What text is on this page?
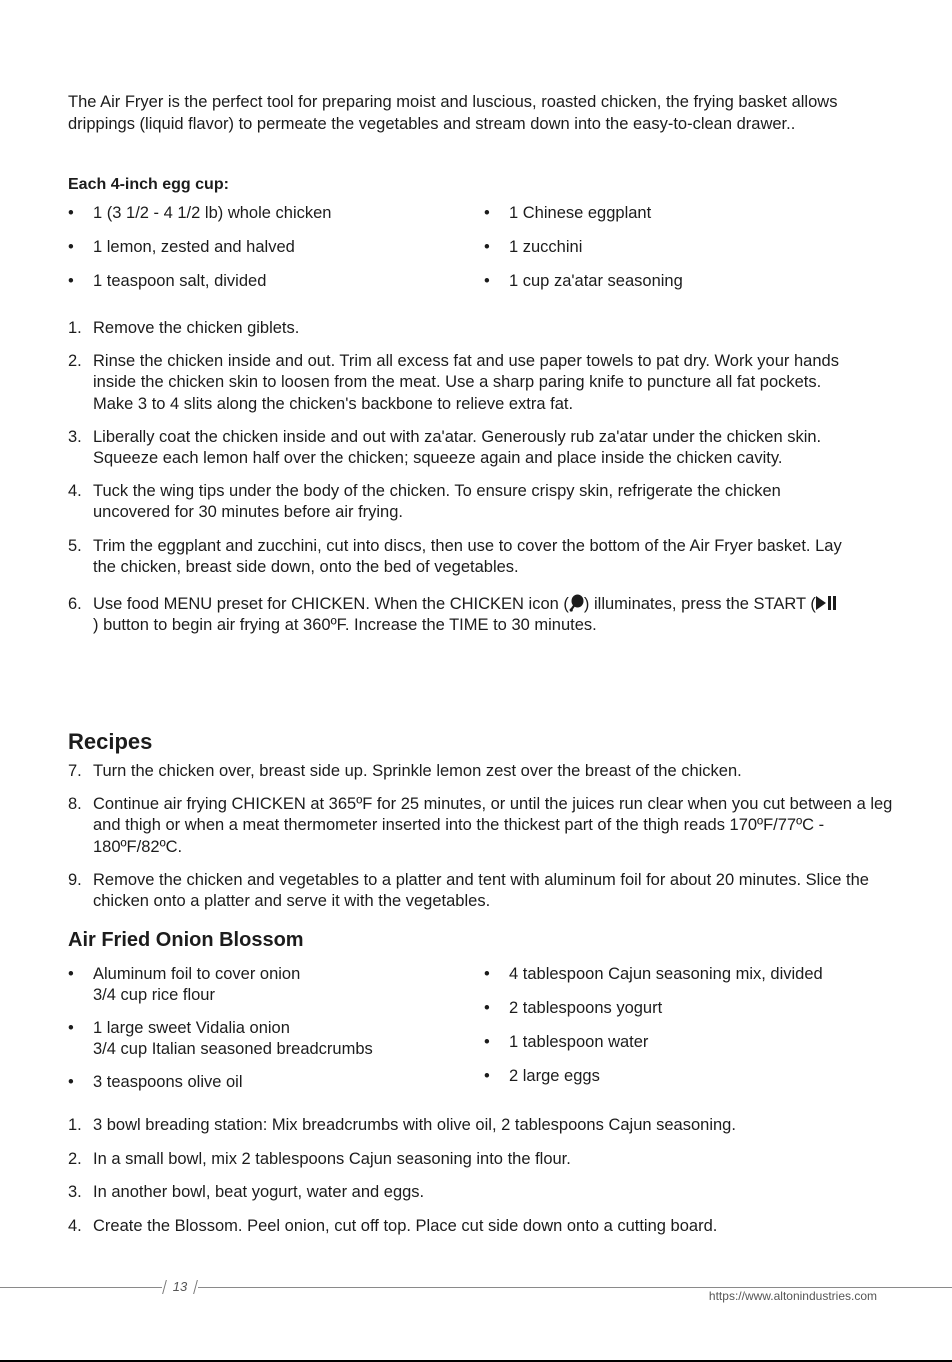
The Air Fryer is the perfect tool for preparing moist and luscious, roasted chicken, the frying basket allows drippings (liquid flavor) to permeate the vegetables and stream down into the easy-to-clean drawer..

Each 4-inch egg cup:

• 1 (3 1/2 - 4 1/2 lb) whole chicken
• 1 lemon, zested and halved
• 1 teaspoon salt, divided
• 1 Chinese eggplant
• 1 zucchini
• 1 cup za'atar seasoning
1. Remove the chicken giblets.
2. Rinse the chicken inside and out. Trim all excess fat and use paper towels to pat dry. Work your hands inside the chicken skin to loosen from the meat. Use a sharp paring knife to puncture all fat pockets. Make 3 to 4 slits along the chicken's backbone to relieve extra fat.
3. Liberally coat the chicken inside and out with za'atar. Generously rub za'atar under the chicken skin. Squeeze each lemon half over the chicken; squeeze again and place inside the chicken cavity.
4. Tuck the wing tips under the body of the chicken. To ensure crispy skin, refrigerate the chicken uncovered for 30 minutes before air frying.
5. Trim the eggplant and zucchini, cut into discs, then use to cover the bottom of the Air Fryer basket. Lay the chicken, breast side down, onto the bed of vegetables.
6. Use food MENU preset for CHICKEN. When the CHICKEN icon ( ) illuminates, press the START () button to begin air frying at 360ºF. Increase the TIME to 30 minutes.
Recipes
7. Turn the chicken over, breast side up. Sprinkle lemon zest over the breast of the chicken.
8. Continue air frying CHICKEN at 365ºF for 25 minutes, or until the juices run clear when you cut between a leg and thigh or when a meat thermometer inserted into the thickest part of the thigh reads 170ºF/77ºC - 180ºF/82ºC.
9. Remove the chicken and vegetables to a platter and tent with aluminum foil for about 20 minutes. Slice the chicken onto a platter and serve it with the vegetables.
Air Fried Onion Blossom
• Aluminum foil to cover onion
3/4 cup rice flour
• 1 large sweet Vidalia onion
3/4 cup Italian seasoned breadcrumbs
• 3 teaspoons olive oil
• 4 tablespoon Cajun seasoning mix, divided
• 2 tablespoons yogurt
• 1 tablespoon water
• 2 large eggs
1. 3 bowl breading station: Mix breadcrumbs with olive oil, 2 tablespoons Cajun seasoning.
2. In a small bowl, mix 2 tablespoons Cajun seasoning into the flour.
3. In another bowl, beat yogurt, water and eggs.
4. Create the Blossom. Peel onion, cut off top. Place cut side down onto a cutting board.
13
https://www.altonindustries.com
